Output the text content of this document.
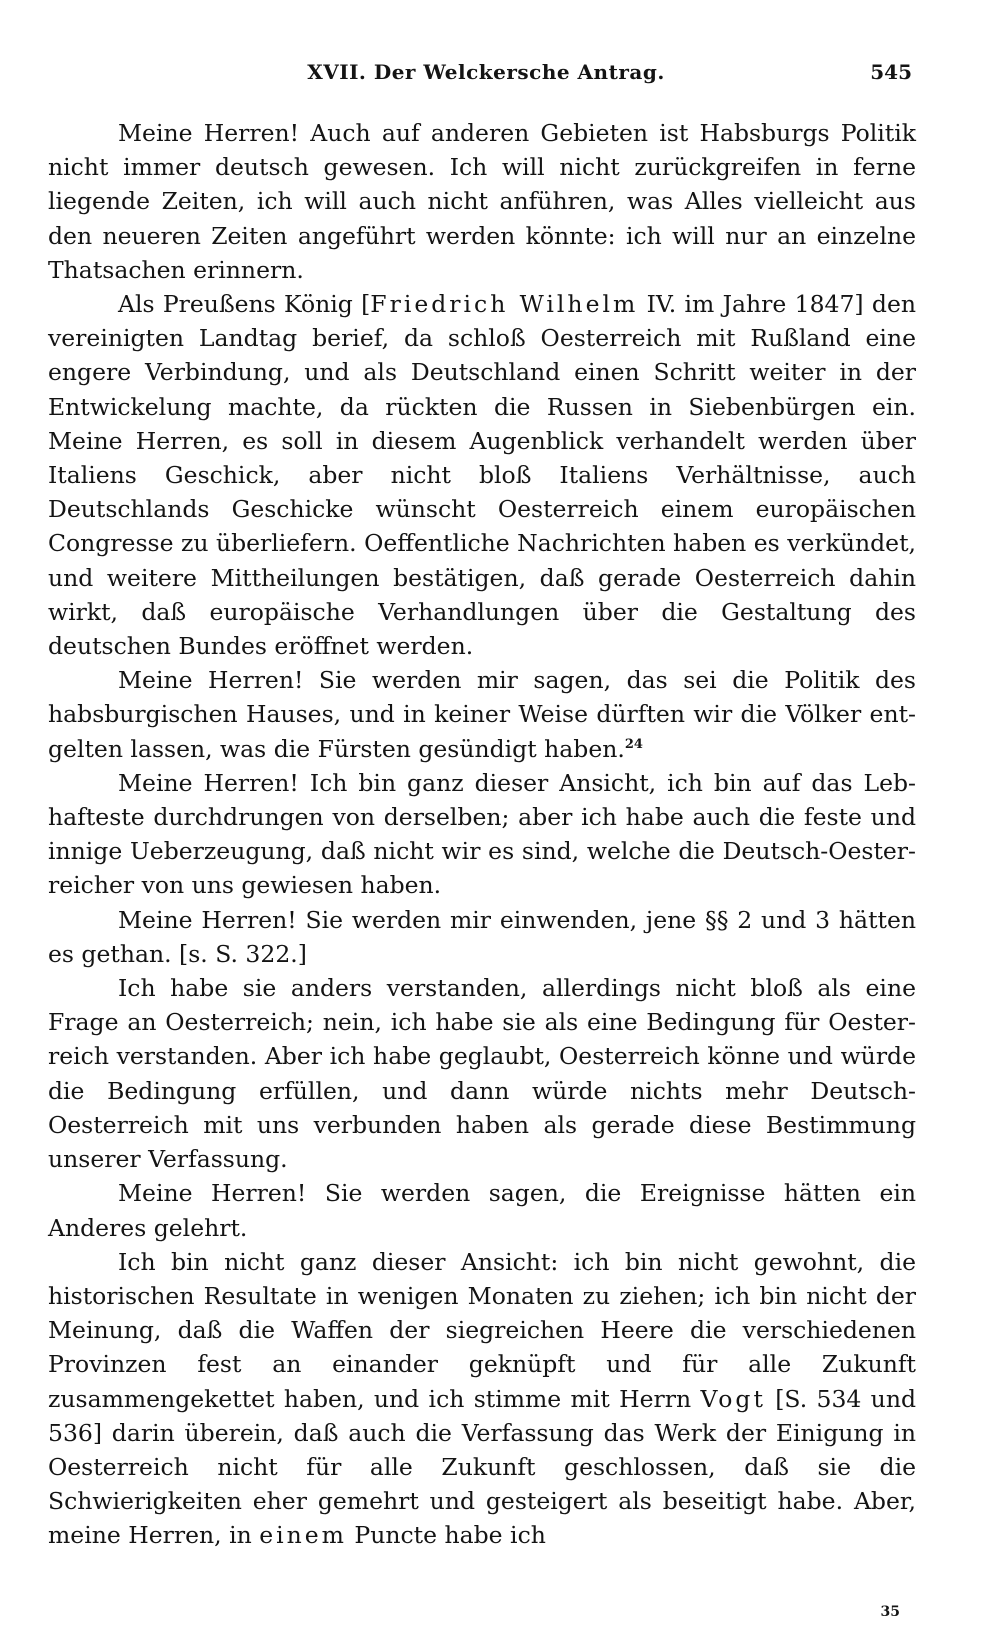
XVII. Der Welckersche Antrag.	545

Meine Herren! Auch auf anderen Gebieten ist Habsburgs Politik nicht immer deutsch gewesen. Ich will nicht zurückgreifen in ferne liegende Zeiten, ich will auch nicht anführen, was Alles vielleicht aus den neueren Zeiten angeführt werden könnte: ich will nur an einzelne Thatsachen erinnern.

Als Preußens König [Friedrich Wilhelm IV. im Jahre 1847] den vereinigten Landtag berief, da schloß Oesterreich mit Rußland eine engere Verbindung, und als Deutschland einen Schritt weiter in der Entwickelung machte, da rückten die Russen in Siebenbürgen ein. Meine Herren, es soll in diesem Augenblick verhandelt werden über Italiens Geschick, aber nicht bloß Italiens Verhältnisse, auch Deutschlands Geschicke wünscht Oesterreich einem europäischen Congresse zu überliefern. Oeffentliche Nachrichten haben es verkündet, und weitere Mittheilungen bestätigen, daß gerade Oesterreich dahin wirkt, daß europäische Verhandlungen über die Gestaltung des deutschen Bundes eröffnet werden.

Meine Herren! Sie werden mir sagen, das sei die Politik des habsburgischen Hauses, und in keiner Weise dürften wir die Völker entgelten lassen, was die Fürsten gesündigt haben.$^{24}$

Meine Herren! Ich bin ganz dieser Ansicht, ich bin auf das Lebhafteste durchdrungen von derselben; aber ich habe auch die feste und innige Ueberzeugung, daß nicht wir es sind, welche die Deutsch-Oesterreicher von uns gewiesen haben.

Meine Herren! Sie werden mir einwenden, jene §§ 2 und 3 hätten es gethan. [s. S. 322.]

Ich habe sie anders verstanden, allerdings nicht bloß als eine Frage an Oesterreich; nein, ich habe sie als eine Bedingung für Oesterreich verstanden. Aber ich habe geglaubt, Oesterreich könne und würde die Bedingung erfüllen, und dann würde nichts mehr Deutsch-Oesterreich mit uns verbunden haben als gerade diese Bestimmung unserer Verfassung.

Meine Herren! Sie werden sagen, die Ereignisse hätten ein Anderes gelehrt.

Ich bin nicht ganz dieser Ansicht: ich bin nicht gewohnt, die historischen Resultate in wenigen Monaten zu ziehen; ich bin nicht der Meinung, daß die Waffen der siegreichen Heere die verschiedenen Provinzen fest an einander geknüpft und für alle Zukunft zusammengekettet haben, und ich stimme mit Herrn Vogt [S. 534 und 536] darin überein, daß auch die Verfassung das Werk der Einigung in Oesterreich nicht für alle Zukunft geschlossen, daß sie die Schwierigkeiten eher gemehrt und gesteigert als beseitigt habe. Aber, meine Herren, in einem Puncte habe ich

35
